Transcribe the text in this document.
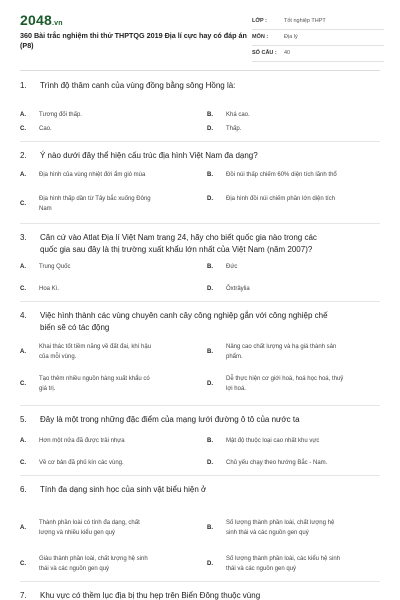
2048.vn
360 Bài trắc nghiệm thi thử THPTQG 2019 Địa lí cực hay có đáp án (P8)
LỚP :	Tốt nghiệp THPT
MÔN :	Địa lý
SỐ CÂU : 40
1. Trình độ thâm canh của vùng đồng bằng sông Hồng là:
A. Tương đối thấp.	B. Khá cao.
C. Cao.	D. Thấp.
2. Ý nào dưới đây thể hiện cấu trúc địa hình Việt Nam đa dạng?
A. Địa hình của vùng nhiệt đới ẩm gió mùa	B. Đồi núi thấp chiếm 60% diện tích lãnh thổ
C.
Địa hình thấp dần từ Tây bắc xuống Đông
Nam
D. Địa hình đồi núi chiếm phần lớn diện tích
3. Căn cứ vào Atlat Địa lí Việt Nam trang 24, hãy cho biết quốc gia nào trong các
quốc gia sau đây là thị trường xuất khẩu lớn nhất của Việt Nam (năm 2007)?
A. Trung Quốc	B. Đức
C. Hoa Kì.	D. Ôxtrâylia
4. Việc hình thành các vùng chuyên canh cây công nghiệp gắn với công nghiệp chế
biến sẽ có tác động
A.
Khai thác tốt tiềm năng về đất đai, khí hậu
của mỗi vùng.
B.
Nâng cao chất lượng và hạ giá thành sản
phẩm.
C.
Tạo thêm nhiều nguồn hàng xuất khẩu có
giá trị.
D.
Dễ thực hiện cơ giới hoá, hoá học hoá, thuỷ
lợi hoá.
5. Đây là một trong những đặc điểm của mạng lưới đường ô tô của nước ta
A. Hơn một nửa đã được trải nhựa	B. Mật độ thuộc loại cao nhất khu vực
C. Về cơ bản đã phủ kín các vùng.	D. Chủ yếu chạy theo hướng Bắc - Nam.
6. Tính đa dạng sinh học của sinh vật biểu hiện ở
A.
Thành phần loài có tính đa dạng, chất
lượng và nhiều kiểu gen quý
B.
Số lượng thành phần loài, chất lượng hệ
sinh thái và các nguồn gen quý
C.
Giàu thành phần loài, chất lượng hệ sinh
thái và các nguồn gen quý
D.
Số lượng thành phần loài, các kiểu hệ sinh
thái và các nguồn gen quý
7. Khu vực có thềm lục địa bị thu hẹp trên Biển Đông thuộc vùng
